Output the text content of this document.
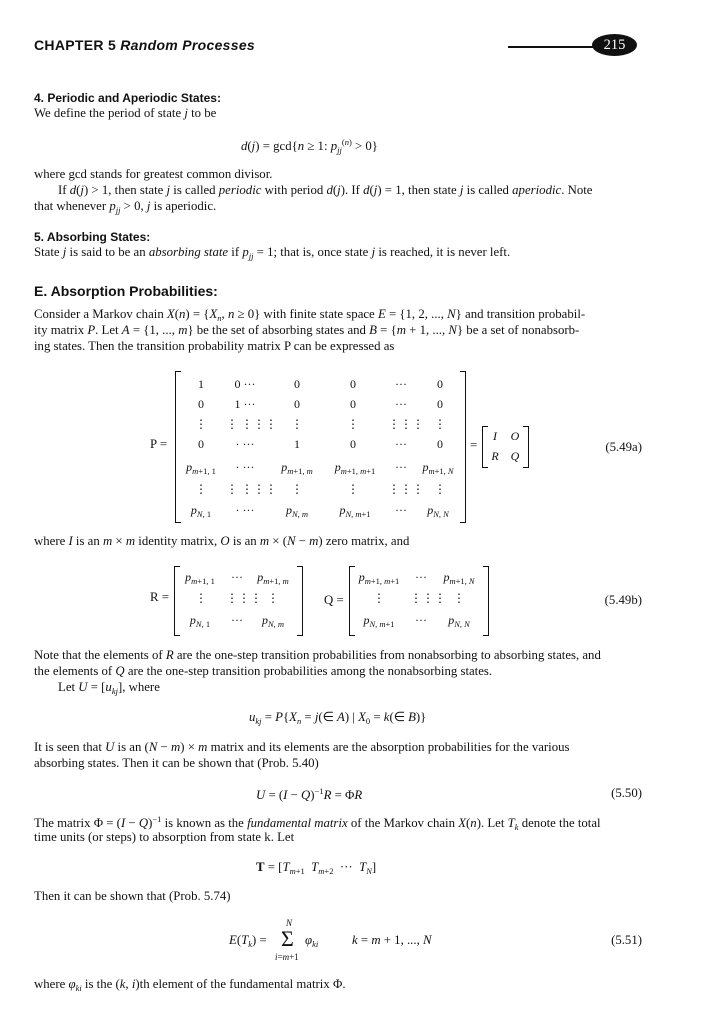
CHAPTER 5 Random Processes	215
4. Periodic and Aperiodic States:
We define the period of state j to be
d(j) = gcd{n ≥ 1: $p_{jj}^{(n)} > 0$}
where gcd stands for greatest common divisor.
If d(j) > 1, then state j is called periodic with period d(j). If d(j) = 1, then state j is called aperiodic. Note
that whenever $p_{jj} > 0$, j is aperiodic.
5. Absorbing States:
State j is said to be an absorbing state if $p_{jj} = 1$; that is, once state j is reached, it is never left.
E. Absorption Probabilities:
Consider a Markov chain $X(n) = \{X_n$, n ≥ 0} with finite state space E = {1, 2, ..., N} and transition probabil-
ity matrix P. Let A = {1, ..., m} be the set of absorbing states and B = {m + 1, ..., N} be a set of nonabsorb-
ing states. Then the transition probability matrix P can be expressed as
P =
1	0 ···	0	0	···	0
0	1 ···	0	0	···	0
⋮	⋮ ⋮⋮⋮	⋮	⋮	⋮⋮⋮ ⋮
0	· ···	1	0	···	0
$p_{m+1, 1}$	· ···	$p_{m+1, m}$	$p_{m+1, m+1}$	···	$p_{m+1, N}$
⋮	⋮ ⋮⋮⋮	⋮	⋮	⋮⋮⋮ ⋮
$p_{N, 1}$	· ···	$p_{N, m}$	$p_{N, m+1}$	···	$p_{N, N}$
=
I	O
R Q
(5.49a)
where I is an m × m identity matrix, O is an m × (N − m) zero matrix, and
R =
$p_{m+1, 1}$	···	$p_{m+1, m}$
⋮	⋮⋮⋮ ⋮
$p_{N, 1}$	···	$p_{N, m}$
Q =
$p_{m+1, m+1}$	···	$p_{m+1, N}$
⋮	⋮⋮⋮ ⋮
$p_{N, m+1}$	···	$p_{N, N}$
(5.49b)
Note that the elements of R are the one-step transition probabilities from nonabsorbing to absorbing states, and
the elements of Q are the one-step transition probabilities among the nonabsorbing states.
Let $U = [u_{kj}]$, where
$u_{kj} = P\{X_n$ = j(∈ A) | $X_0$ = k(∈ B)}
It is seen that U is an (N − m) × m matrix and its elements are the absorption probabilities for the various
absorbing states. Then it can be shown that (Prob. 5.40)
$U = (I - Q)^{-1}R = \Phi R$	(5.50)
The matrix $\Phi = (I - Q)^{-1}$ is known as the fundamental matrix of the Markov chain X(n). Let $T_k$ denote the total
time units (or steps) to absorption from state k. Let
$T = [T_{m+1}$ $T_{m+2}$  ···  $T_N$]
Then it can be shown that (Prob. 5.74)
$E(T_k)$ =
N
Σ
i=m+1
$\varphi_{ki}$	k = m + 1, ..., N	(5.51)
where $\varphi_{ki}$ is the (k, i)th element of the fundamental matrix Φ.
